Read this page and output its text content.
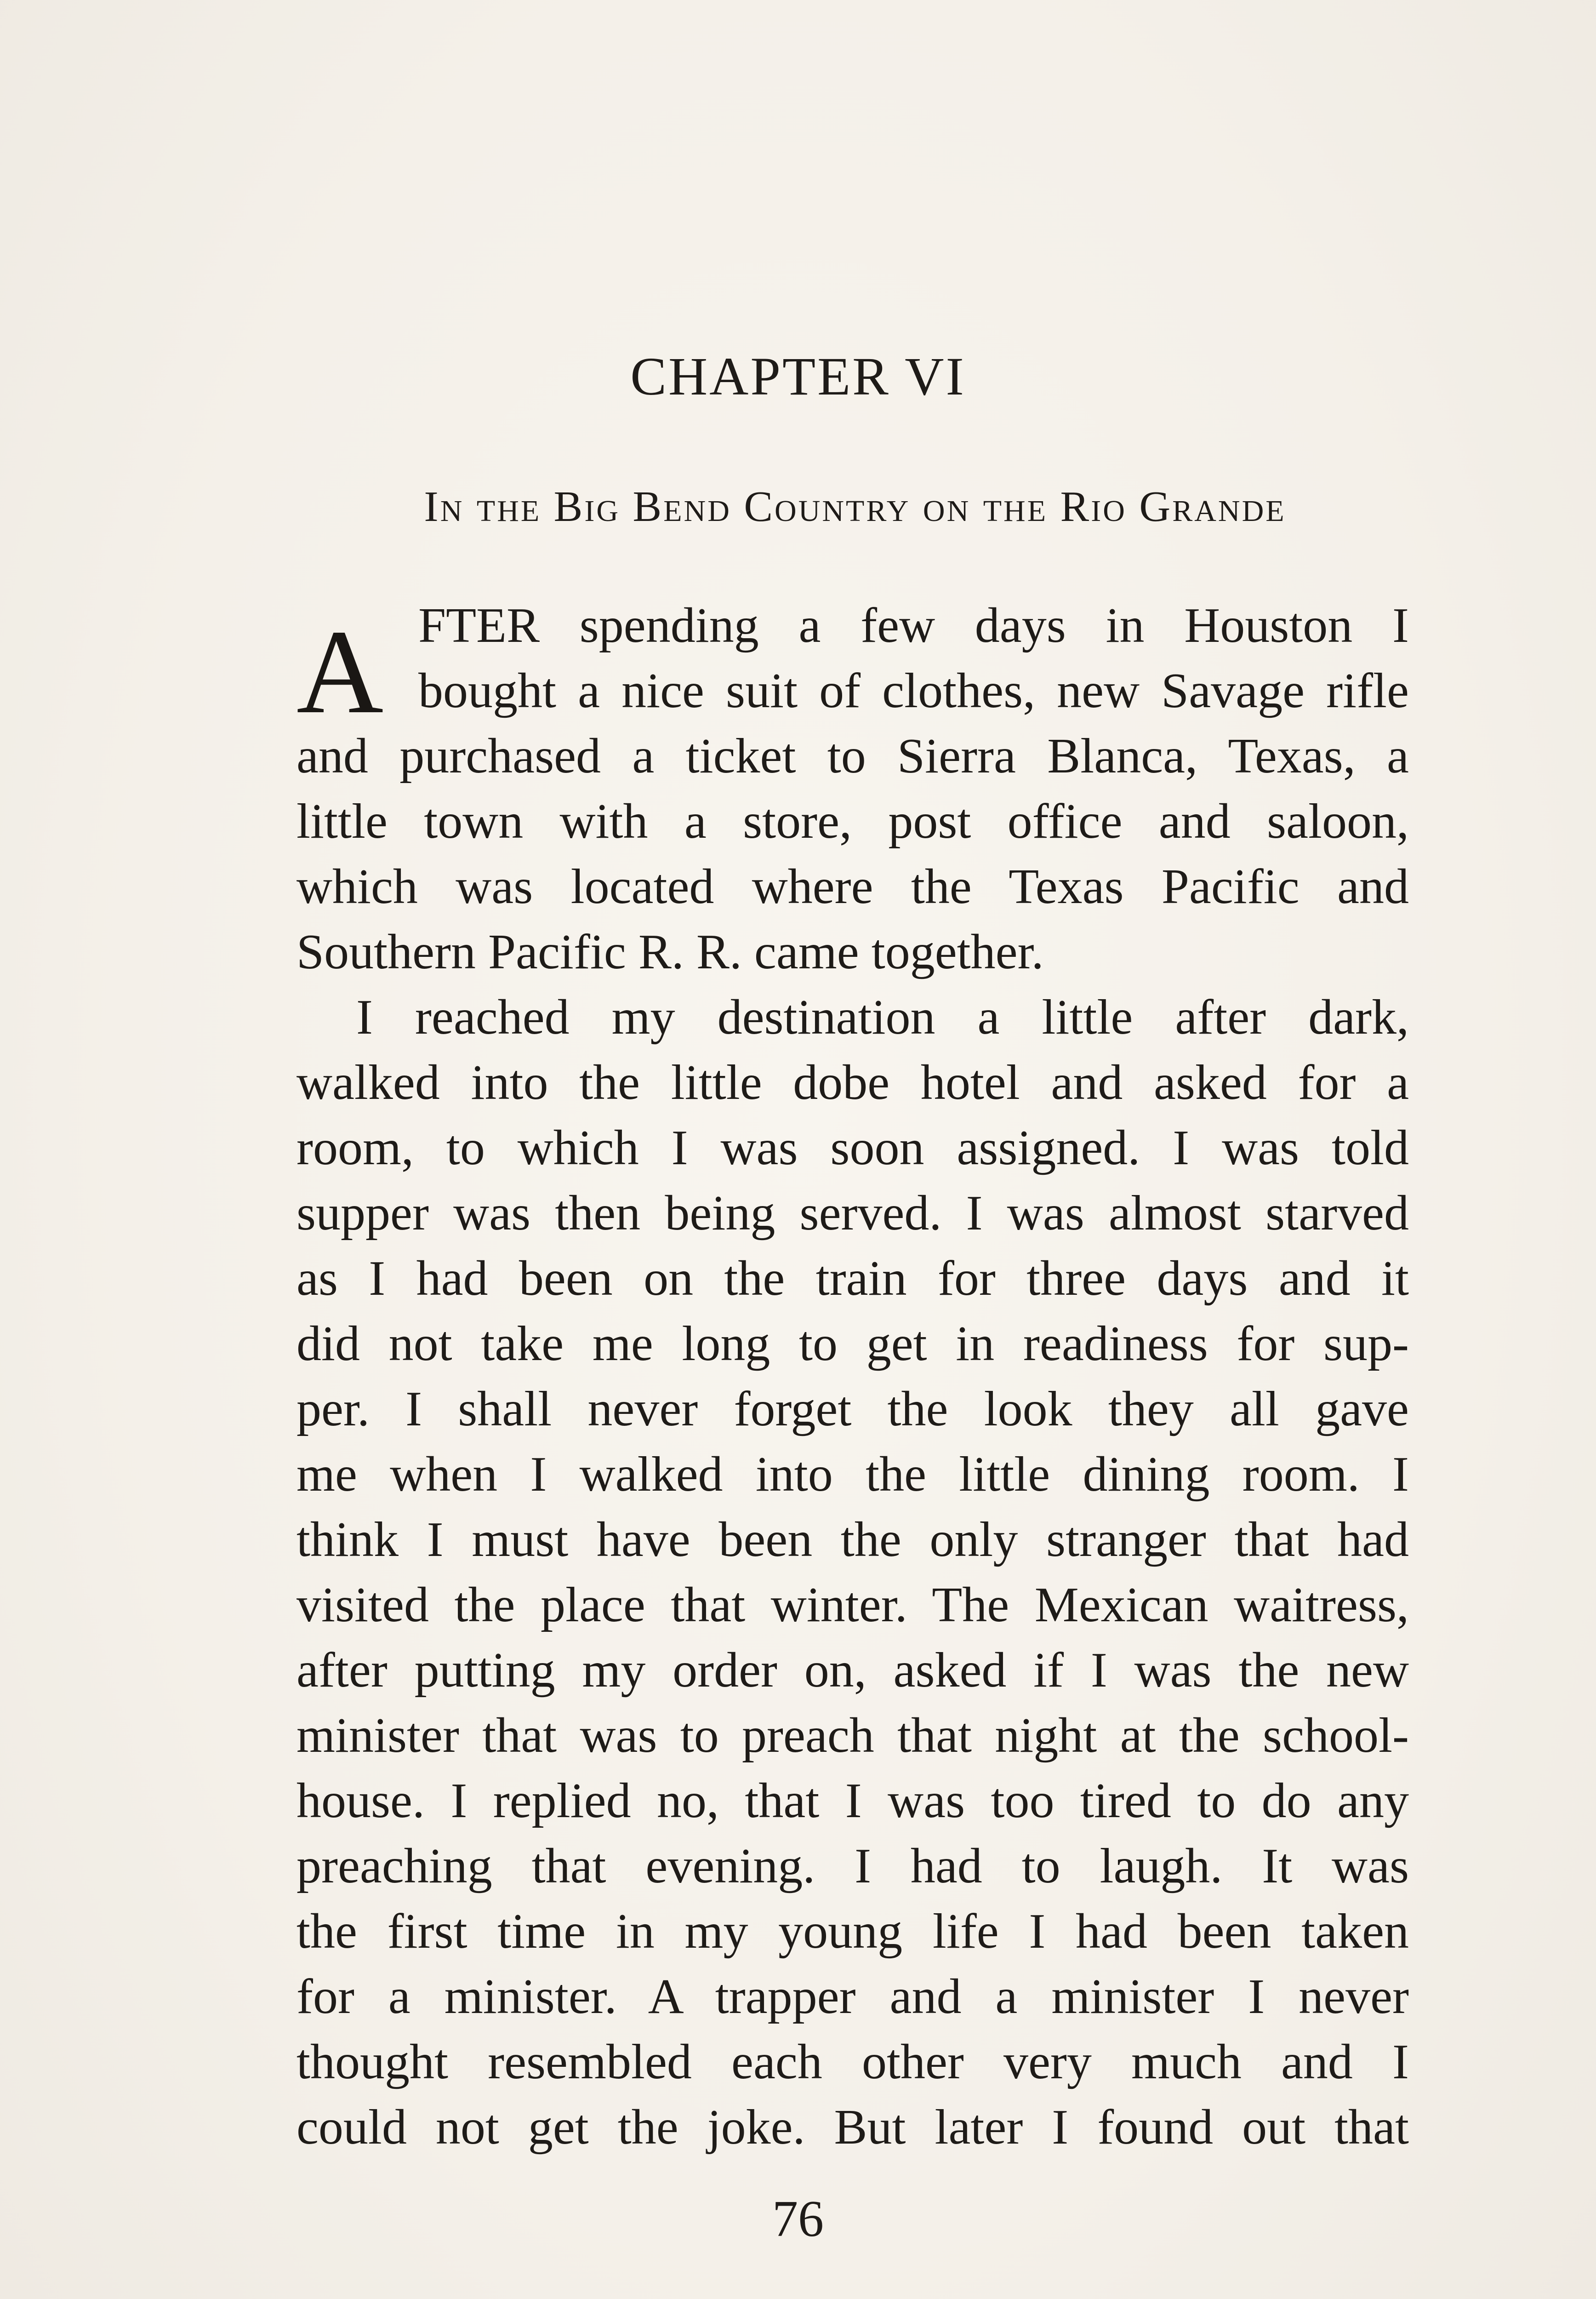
CHAPTER VI
In the Big Bend Country on the Rio Grande
A FTER spending a few days in Houston I
bought a nice suit of clothes, new Savage rifle
and purchased a ticket to Sierra Blanca, Texas, a
little town with a store, post office and saloon,
which was located where the Texas Pacific and
Southern Pacific R. R. came together.
I reached my destination a little after dark,
walked into the little dobe hotel and asked for a
room, to which I was soon assigned. I was told
supper was then being served. I was almost starved
as I had been on the train for three days and it
did not take me long to get in readiness for sup-
per. I shall never forget the look they all gave
me when I walked into the little dining room. I
think I must have been the only stranger that had
visited the place that winter. The Mexican waitress,
after putting my order on, asked if I was the new
minister that was to preach that night at the school-
house. I replied no, that I was too tired to do any
preaching that evening. I had to laugh. It was
the first time in my young life I had been taken
for a minister. A trapper and a minister I never
thought resembled each other very much and I
could not get the joke. But later I found out that
76
